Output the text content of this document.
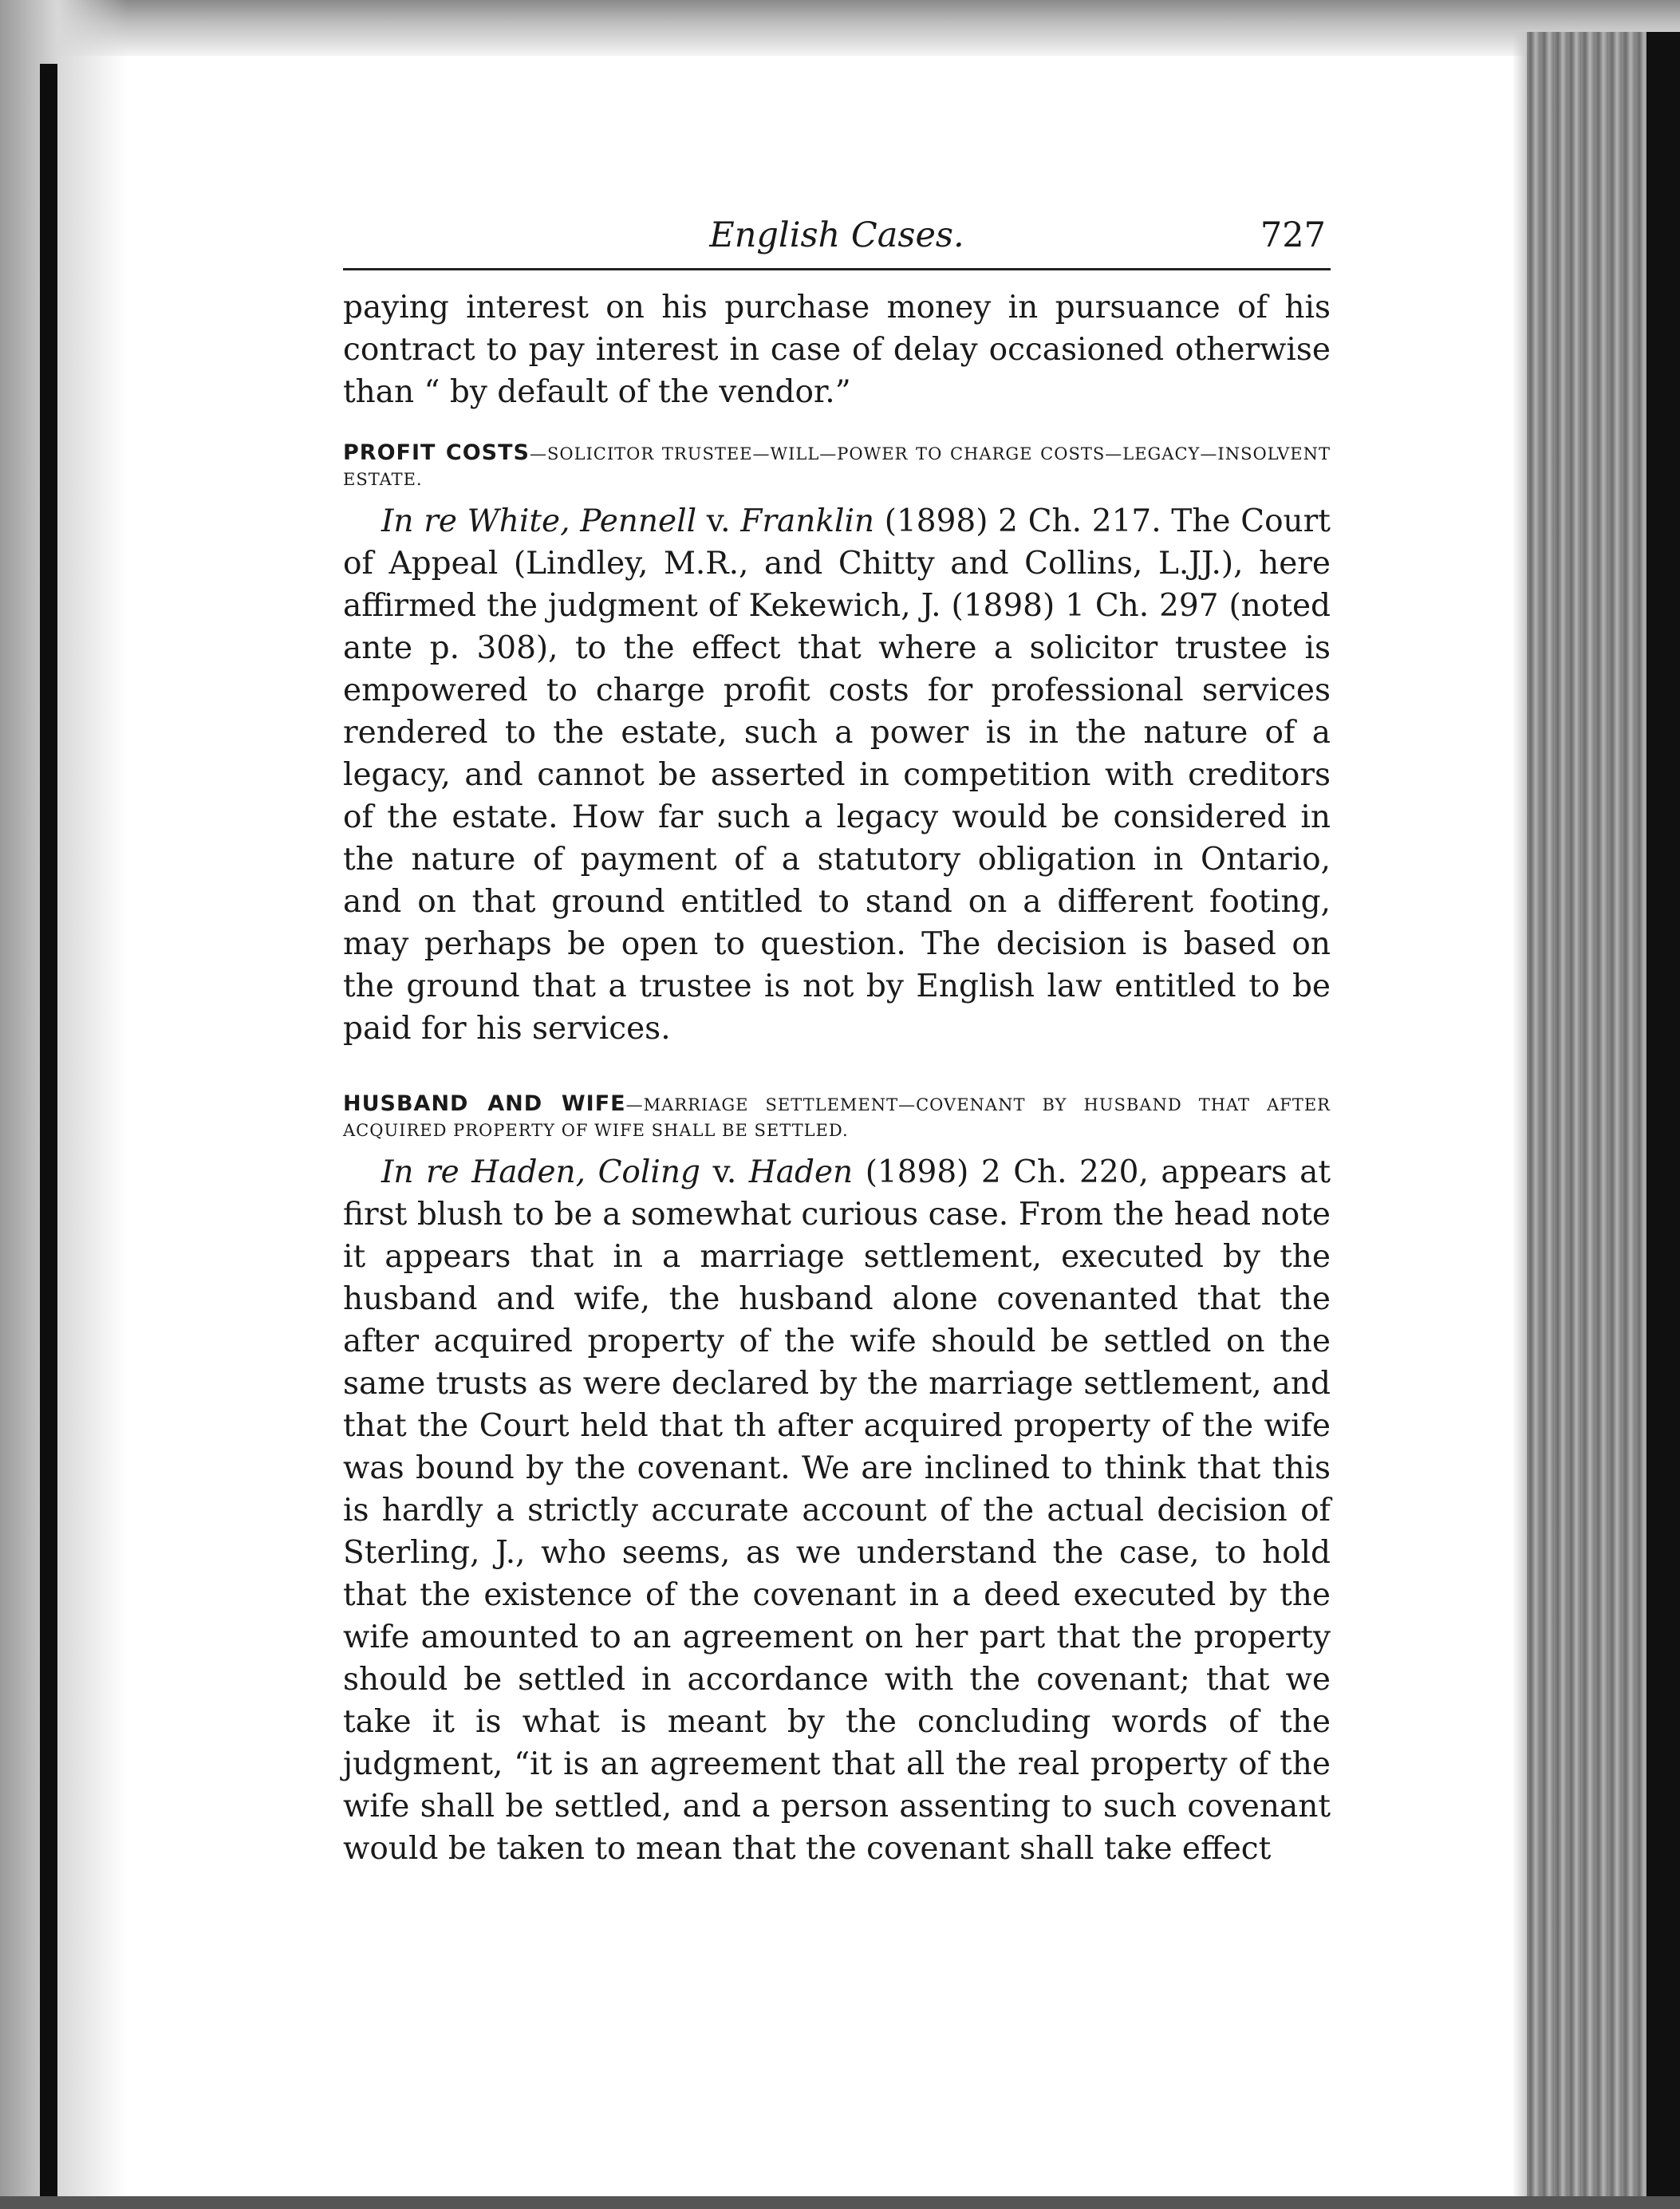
English Cases.	727

paying interest on his purchase money in pursuance of his contract to pay interest in case of delay occasioned otherwise than “ by default of the vendor.”

PROFIT COSTS—SOLICITOR TRUSTEE—WILL—POWER TO CHARGE COSTS—LEGACY—INSOLVENT ESTATE.

In re White, Pennell v. Franklin (1898) 2 Ch. 217. The Court of Appeal (Lindley, M.R., and Chitty and Collins, L.JJ.), here affirmed the judgment of Kekewich, J. (1898) 1 Ch. 297 (noted ante p. 308), to the effect that where a solicitor trustee is empowered to charge profit costs for professional services rendered to the estate, such a power is in the nature of a legacy, and cannot be asserted in competition with creditors of the estate. How far such a legacy would be considered in the nature of payment of a statutory obligation in Ontario, and on that ground entitled to stand on a different footing, may perhaps be open to question. The decision is based on the ground that a trustee is not by English law entitled to be paid for his services.

HUSBAND AND WIFE—MARRIAGE SETTLEMENT—COVENANT BY HUSBAND THAT AFTER ACQUIRED PROPERTY OF WIFE SHALL BE SETTLED.

In re Haden, Coling v. Haden (1898) 2 Ch. 220, appears at first blush to be a somewhat curious case. From the head note it appears that in a marriage settlement, executed by the husband and wife, the husband alone covenanted that the after acquired property of the wife should be settled on the same trusts as were declared by the marriage settlement, and that the Court held that th after acquired property of the wife was bound by the covenant. We are inclined to think that this is hardly a strictly accurate account of the actual decision of Sterling, J., who seems, as we understand the case, to hold that the existence of the covenant in a deed executed by the wife amounted to an agreement on her part that the property should be settled in accordance with the covenant; that we take it is what is meant by the concluding words of the judgment, “it is an agreement that all the real property of the wife shall be settled, and a person assenting to such covenant would be taken to mean that the covenant shall take effect
